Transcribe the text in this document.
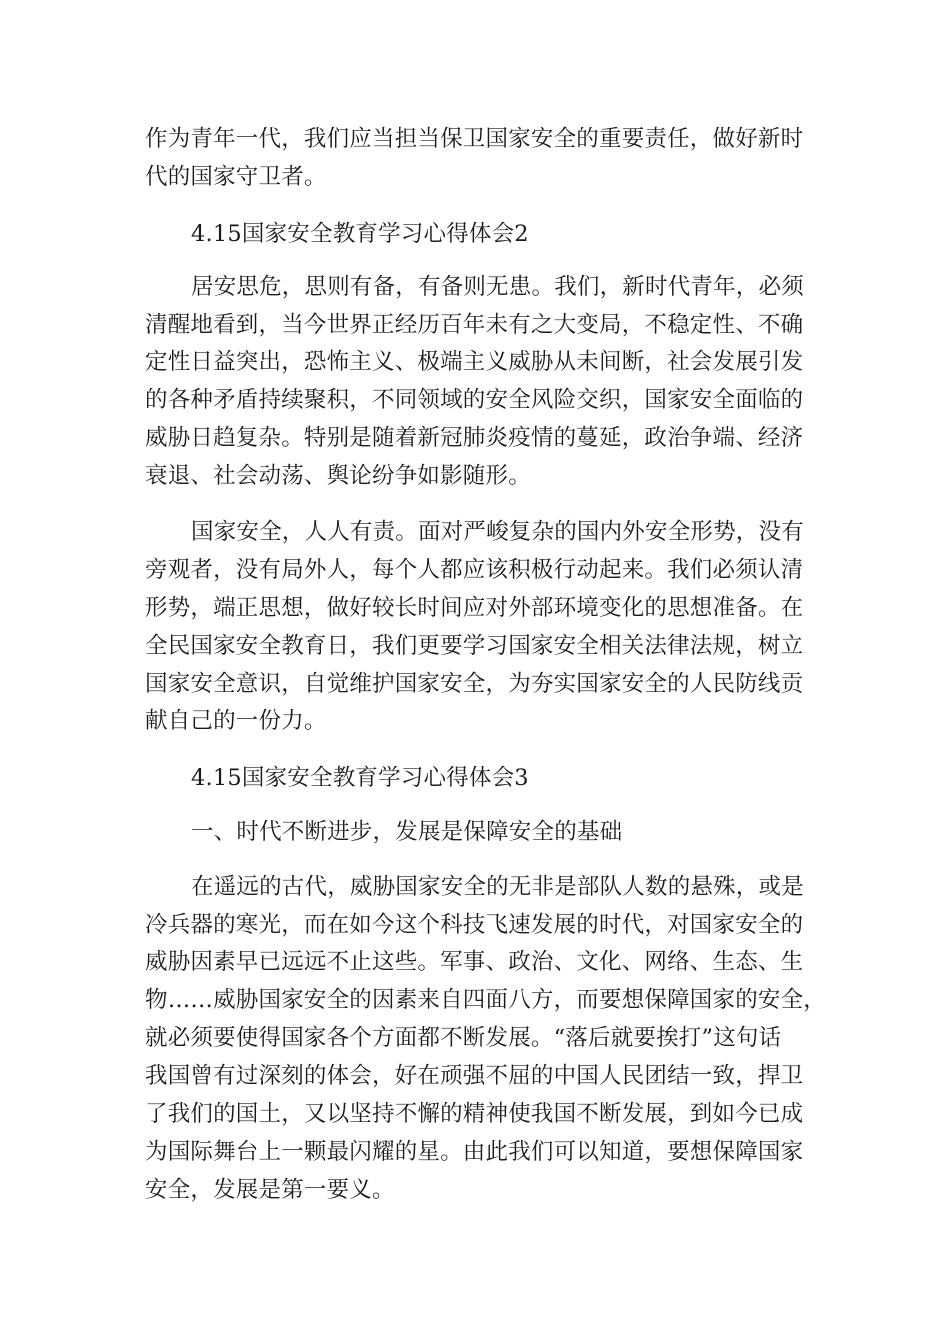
作为青年一代，我们应当担当保卫国家安全的重要责任，做好新时
代的国家守卫者。
4.15国家安全教育学习心得体会2
居安思危，思则有备，有备则无患。我们，新时代青年，必须
清醒地看到，当今世界正经历百年未有之大变局，不稳定性、不确
定性日益突出，恐怖主义、极端主义威胁从未间断，社会发展引发
的各种矛盾持续聚积，不同领域的安全风险交织，国家安全面临的
威胁日趋复杂。特别是随着新冠肺炎疫情的蔓延，政治争端、经济
衰退、社会动荡、舆论纷争如影随形。
国家安全，人人有责。面对严峻复杂的国内外安全形势，没有
旁观者，没有局外人，每个人都应该积极行动起来。我们必须认清
形势，端正思想，做好较长时间应对外部环境变化的思想准备。在
全民国家安全教育日，我们更要学习国家安全相关法律法规，树立
国家安全意识，自觉维护国家安全，为夯实国家安全的人民防线贡
献自己的一份力。
4.15国家安全教育学习心得体会3
一、时代不断进步，发展是保障安全的基础
在遥远的古代，威胁国家安全的无非是部队人数的悬殊，或是
冷兵器的寒光，而在如今这个科技飞速发展的时代，对国家安全的
威胁因素早已远远不止这些。军事、政治、文化、网络、生态、生
物……威胁国家安全的因素来自四面八方，而要想保障国家的安全，
就必须要使得国家各个方面都不断发展。“落后就要挨打”这句话
我国曾有过深刻的体会，好在顽强不屈的中国人民团结一致，捍卫
了我们的国土，又以坚持不懈的精神使我国不断发展，到如今已成
为国际舞台上一颗最闪耀的星。由此我们可以知道，要想保障国家
安全，发展是第一要义。
